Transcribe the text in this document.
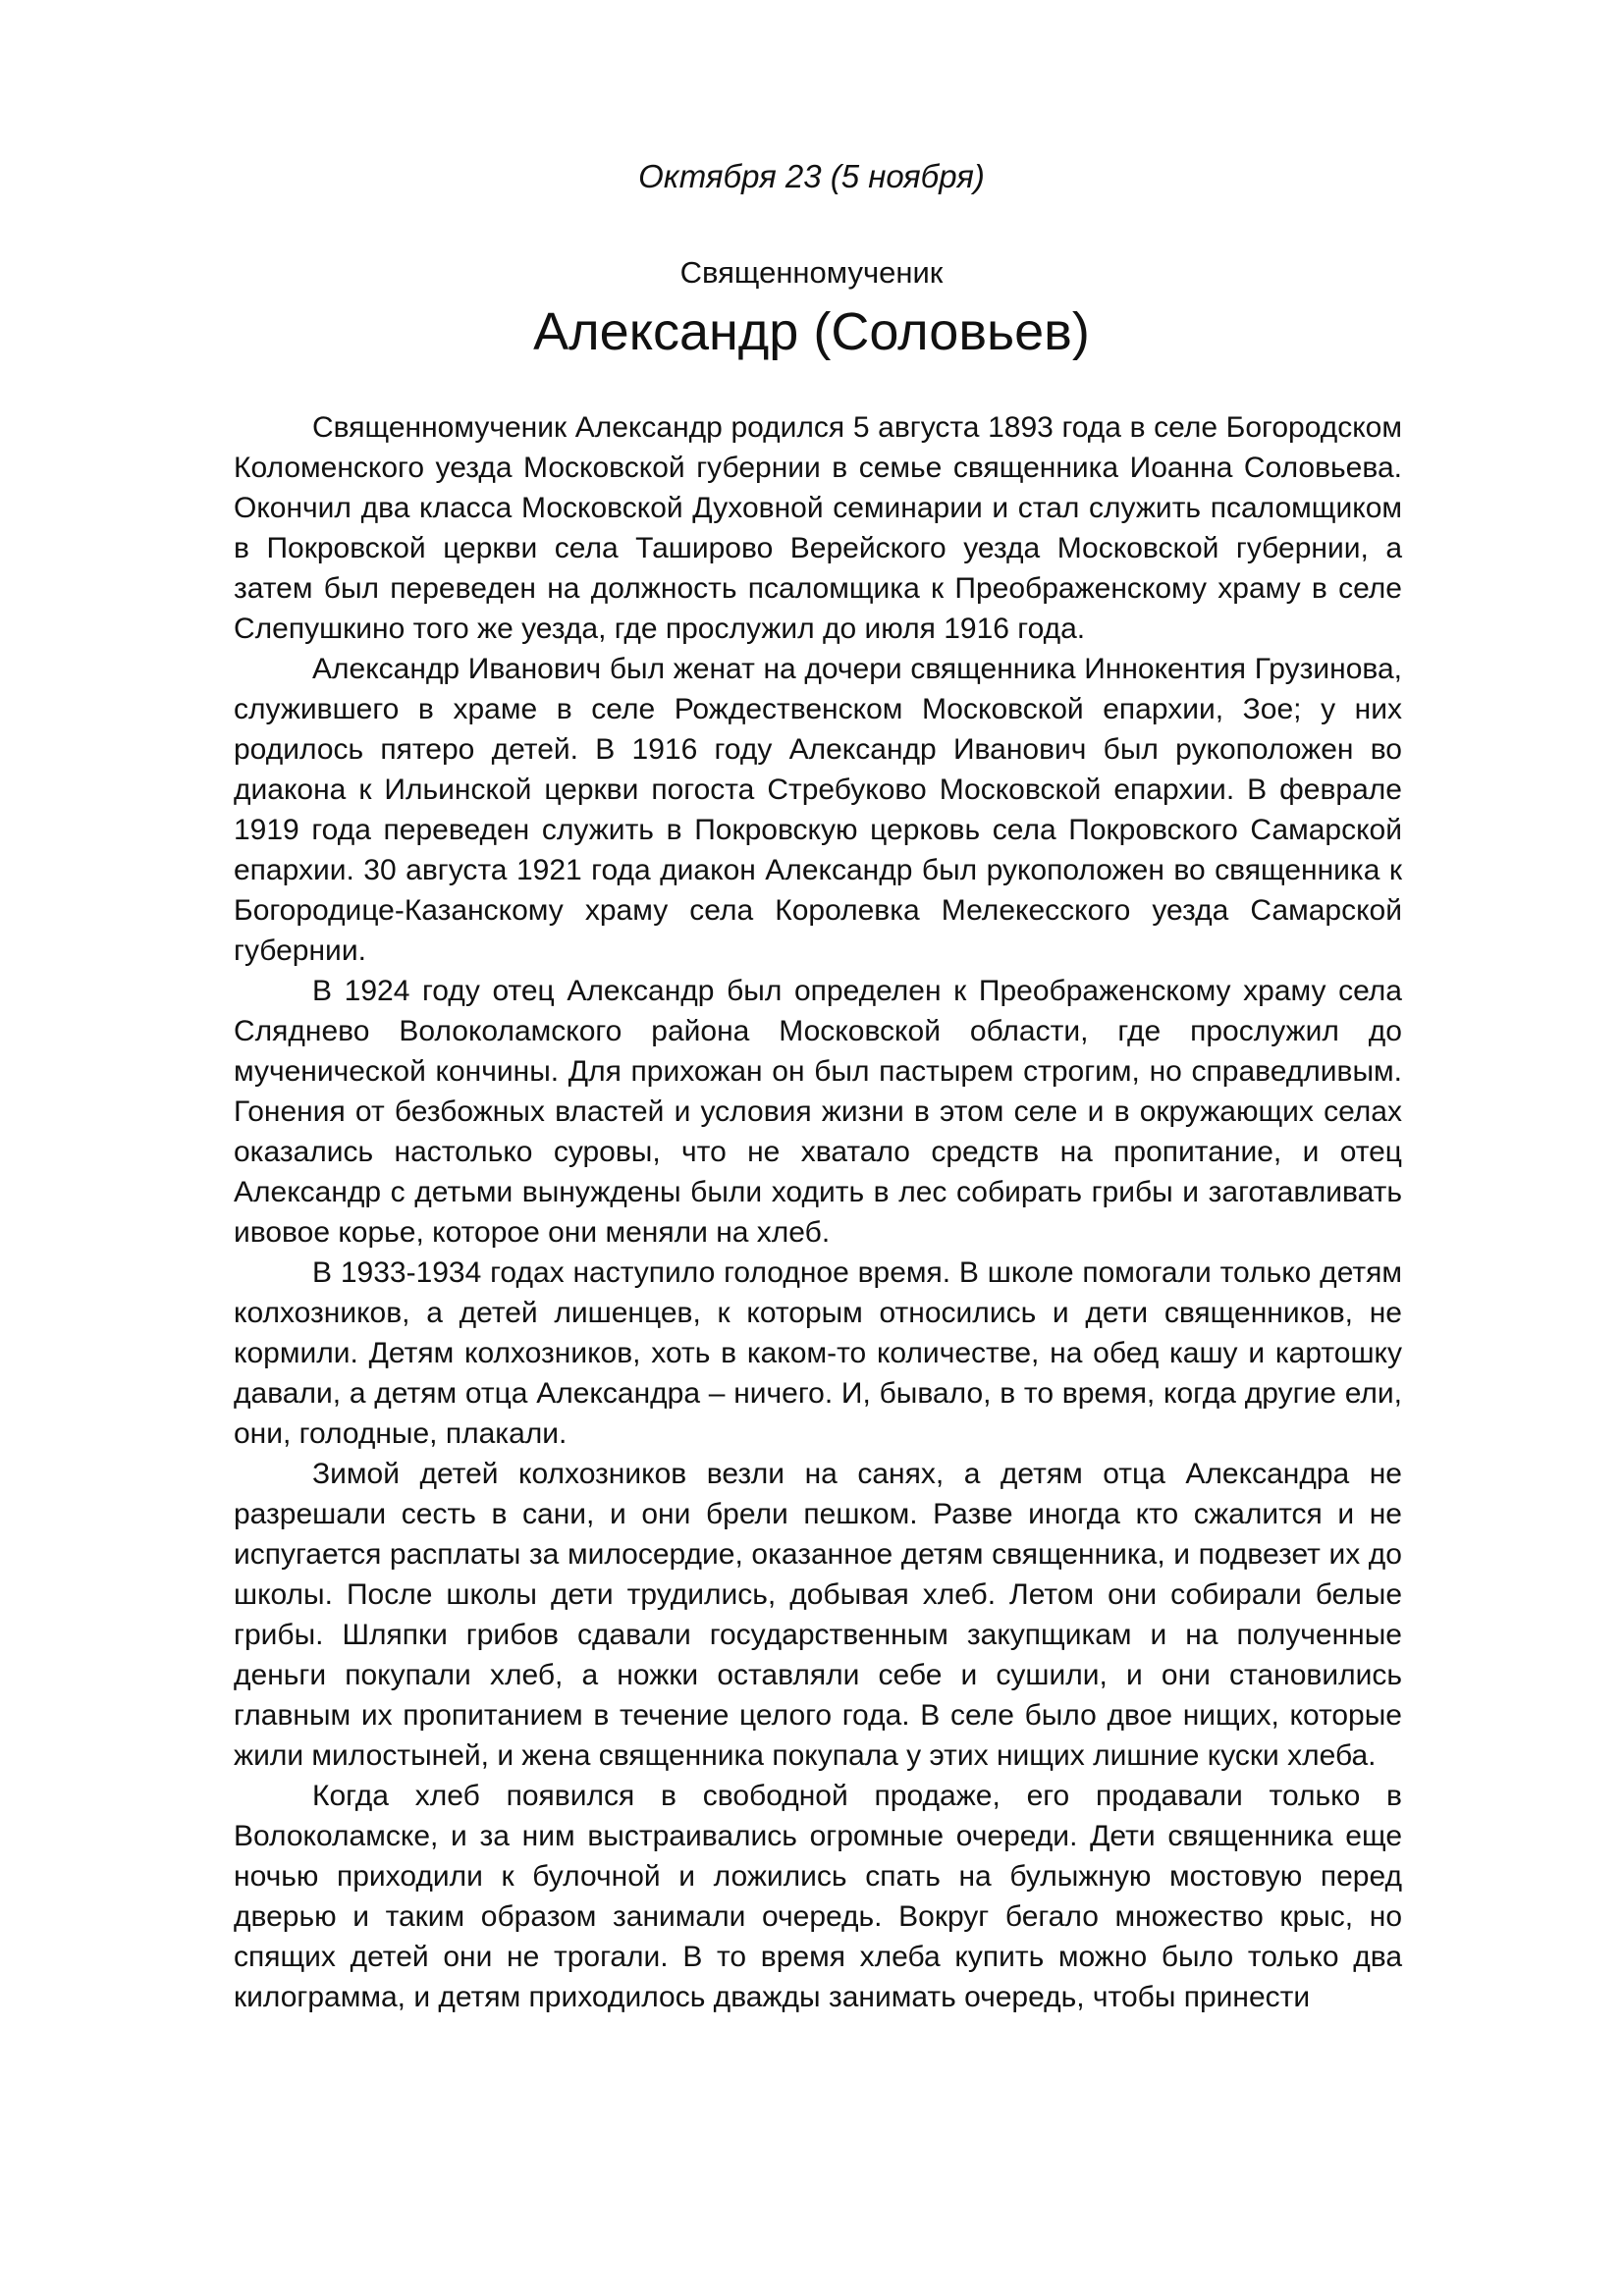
Октября 23 (5 ноября)
Священномученик
Александр (Соловьев)

Священномученик Александр родился 5 августа 1893 года в селе Богородском Коломенского уезда Московской губернии в семье священника Иоанна Соловьева. Окончил два класса Московской Духовной семинарии и стал служить псаломщиком в Покровской церкви села Таширово Верейского уезда Московской губернии, а затем был переведен на должность псаломщика к Преображенскому храму в селе Слепушкино того же уезда, где прослужил до июля 1916 года.

Александр Иванович был женат на дочери священника Иннокентия Грузинова, служившего в храме в селе Рождественском Московской епархии, Зое; у них родилось пятеро детей. В 1916 году Александр Иванович был рукоположен во диакона к Ильинской церкви погоста Стребуково Московской епархии. В феврале 1919 года переведен служить в Покровскую церковь села Покровского Самарской епархии. 30 августа 1921 года диакон Александр был рукоположен во священника к Богородице-Казанскому храму села Королевка Мелекесского уезда Самарской губернии.

В 1924 году отец Александр был определен к Преображенскому храму села Сляднево Волоколамского района Московской области, где прослужил до мученической кончины. Для прихожан он был пастырем строгим, но справедливым. Гонения от безбожных властей и условия жизни в этом селе и в окружающих селах оказались настолько суровы, что не хватало средств на пропитание, и отец Александр с детьми вынуждены были ходить в лес собирать грибы и заготавливать ивовое корье, которое они меняли на хлеб.

В 1933-1934 годах наступило голодное время. В школе помогали только детям колхозников, а детей лишенцев, к которым относились и дети священников, не кормили. Детям колхозников, хоть в каком-то количестве, на обед кашу и картошку давали, а детям отца Александра – ничего. И, бывало, в то время, когда другие ели, они, голодные, плакали.

Зимой детей колхозников везли на санях, а детям отца Александра не разрешали сесть в сани, и они брели пешком. Разве иногда кто сжалится и не испугается расплаты за милосердие, оказанное детям священника, и подвезет их до школы. После школы дети трудились, добывая хлеб. Летом они собирали белые грибы. Шляпки грибов сдавали государственным закупщикам и на полученные деньги покупали хлеб, а ножки оставляли себе и сушили, и они становились главным их пропитанием в течение целого года. В селе было двое нищих, которые жили милостыней, и жена священника покупала у этих нищих лишние куски хлеба.

Когда хлеб появился в свободной продаже, его продавали только в Волоколамске, и за ним выстраивались огромные очереди. Дети священника еще ночью приходили к булочной и ложились спать на булыжную мостовую перед дверью и таким образом занимали очередь. Вокруг бегало множество крыс, но спящих детей они не трогали. В то время хлеба купить можно было только два килограмма, и детям приходилось дважды занимать очередь, чтобы принести
